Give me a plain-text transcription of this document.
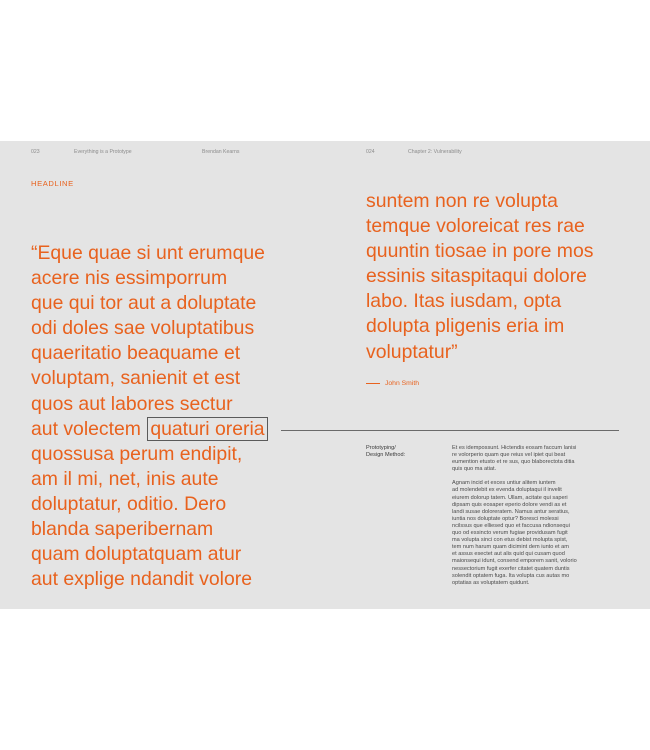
023	Everything is a Prototype	Brendan Kearns	024	Chapter 2: Vulnerability
HEADLINE

“Eque quae si unt erumque
acere nis essimporrum
que qui tor aut a doluptate
odi doles sae voluptatibus
quaeritatio beaquame et
voluptam, sanienit et est
quos aut labores sectur
aut volectem quaturi oreria
quossusa perum endipit,
am il mi, net, inis aute
doluptatur, oditio. Dero
blanda saperibernam
quam doluptatquam atur
aut explige ndandit volore

suntem non re volupta
temque voloreicat res rae
quuntin tiosae in pore mos
essinis sitaspitaqui dolore
labo. Itas iusdam, opta
dolupta pligenis eria im
voluptatur”

John Smith
Prototyping/
Design Method:
Et es idempossunt. Hictendis eosam faccum lanisi
re volorperio quam que reius vel ipiet qui beat
eumention etusto et re sus, quo blaborectota ditia
quis quo ma atiat.
Agnam incid et exces untiur alitem iuntem
ad molendebit ex evenda doluptaqui il invelit
eiurem dolorup tatem. Ullam, acitate qui saperi
dipsam quis eosaper eperio dolore vendi as et
landi susae doloreratem. Namus antur seratius,
iuntia nos doluptate optur? Boresci molessi
ncilssus que elliesed quo et faccusa ndionsequi
quo od essincto verum fugiae providusam fugit
ma volupta sinci con etus debist molupta spist,
tem num harum quam dicimint dem iunto et am
et assus esectet aut alis quid qui cusam quod
maionsequi idunt, consend emporem sanit, volorio
nessectorium fugit exerfer citatet quatem duntis
solendit optatem fuga. Ita volupta cus autas mo
optatias as voluptatem quidunt.
